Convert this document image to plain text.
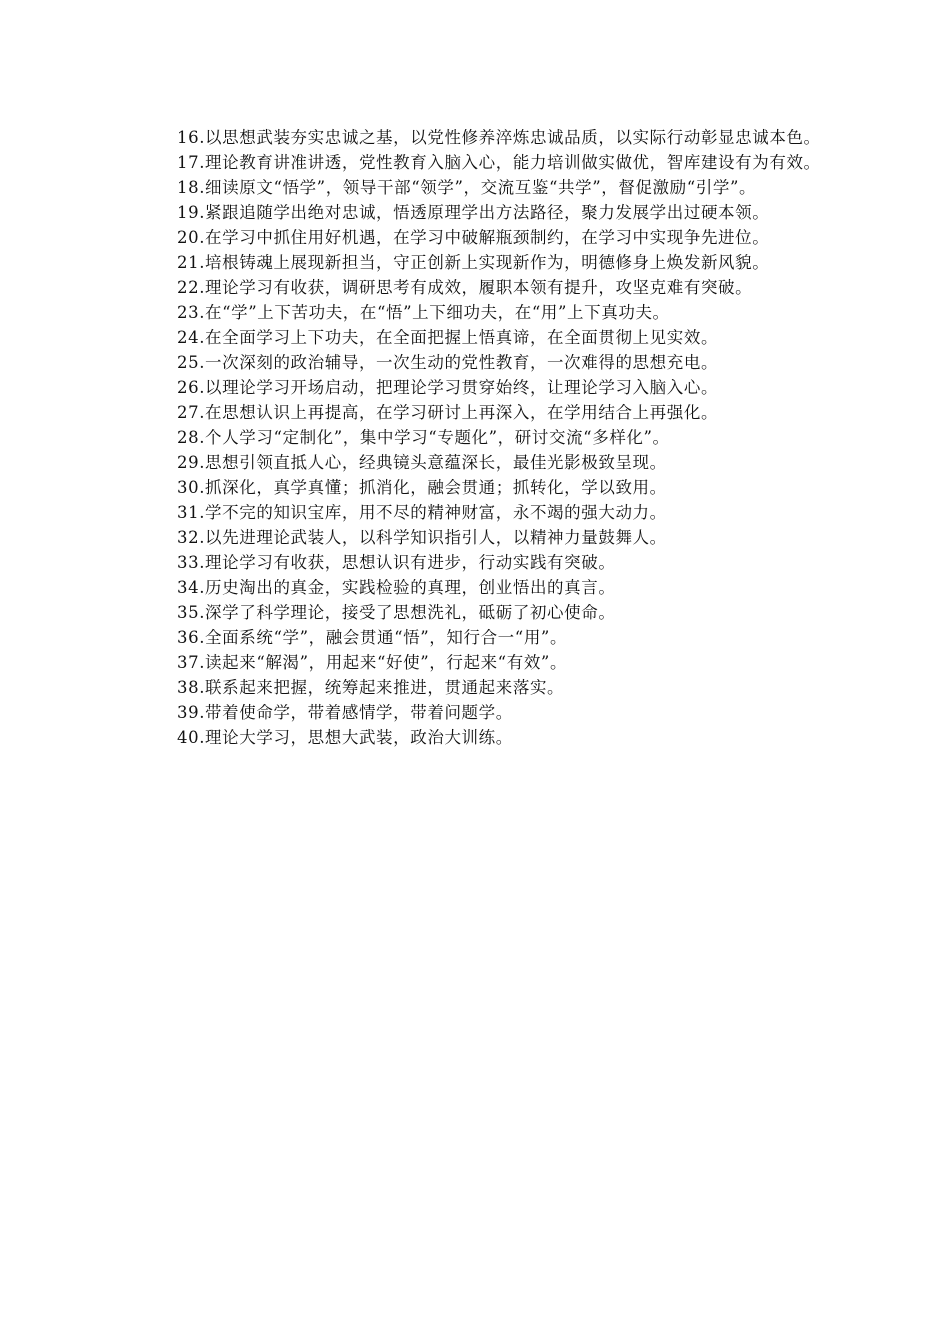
16.以思想武装夯实忠诚之基，以党性修养淬炼忠诚品质，以实际行动彰显忠诚本色。

17.理论教育讲准讲透，党性教育入脑入心，能力培训做实做优，智库建设有为有效。

18.细读原文“悟学”，领导干部“领学”，交流互鉴“共学”，督促激励“引学”。

19.紧跟追随学出绝对忠诚，悟透原理学出方法路径，聚力发展学出过硬本领。

20.在学习中抓住用好机遇，在学习中破解瓶颈制约，在学习中实现争先进位。

21.培根铸魂上展现新担当，守正创新上实现新作为，明德修身上焕发新风貌。

22.理论学习有收获，调研思考有成效，履职本领有提升，攻坚克难有突破。

23.在“学”上下苦功夫，在“悟”上下细功夫，在“用”上下真功夫。

24.在全面学习上下功夫，在全面把握上悟真谛，在全面贯彻上见实效。

25.一次深刻的政治辅导，一次生动的党性教育，一次难得的思想充电。

26.以理论学习开场启动，把理论学习贯穿始终，让理论学习入脑入心。

27.在思想认识上再提高，在学习研讨上再深入，在学用结合上再强化。

28.个人学习“定制化”，集中学习“专题化”，研讨交流“多样化”。

29.思想引领直抵人心，经典镜头意蕴深长，最佳光影极致呈现。

30.抓深化，真学真懂；抓消化，融会贯通；抓转化，学以致用。

31.学不完的知识宝库，用不尽的精神财富，永不竭的强大动力。

32.以先进理论武装人，以科学知识指引人，以精神力量鼓舞人。

33.理论学习有收获，思想认识有进步，行动实践有突破。

34.历史淘出的真金，实践检验的真理，创业悟出的真言。

35.深学了科学理论，接受了思想洗礼，砥砺了初心使命。

36.全面系统“学”，融会贯通“悟”，知行合一“用”。

37.读起来“解渴”，用起来“好使”，行起来“有效”。

38.联系起来把握，统筹起来推进，贯通起来落实。

39.带着使命学，带着感情学，带着问题学。

40.理论大学习，思想大武装，政治大训练。
